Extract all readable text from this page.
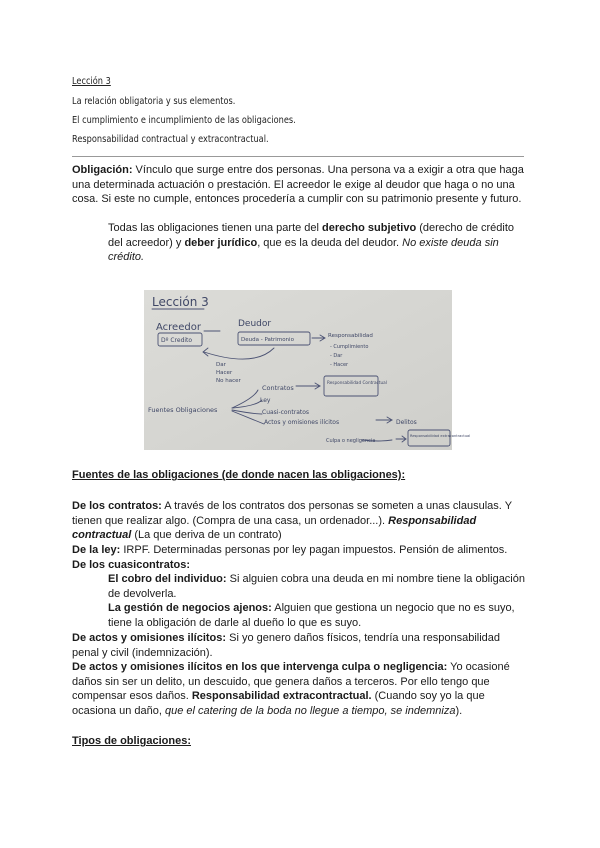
Lección 3
La relación obligatoria y sus elementos.
El cumplimiento e incumplimiento de las obligaciones.
Responsabilidad contractual y extracontractual.
Obligación: Vínculo que surge entre dos personas. Una persona va a exigir a otra que haga una determinada actuación o prestación. El acreedor le exige al deudor que haga o no una cosa. Si este no cumple, entonces procedería a cumplir con su patrimonio presente y futuro.
Todas las obligaciones tienen una parte del derecho subjetivo (derecho de crédito del acreedor) y deber jurídico, que es la deuda del deudor. No existe deuda sin crédito.
Lección 3
Acreedor	Deudor
Dº Credito	Deuda - Patrimonio
Responsabilidad
- Cumplimiento
- Dar
- Hacer
Dar
Hacer
No hacer
Fuentes Obligaciones
Contratos
Ley
Cuasi-contratos
Actos y omisiones ilícitos	Delitos
Culpa o negligencia
Responsabilidad Contractual
Responsabilidad extracontractual
Fuentes de las obligaciones (de donde nacen las obligaciones):
De los contratos: A través de los contratos dos personas se someten a unas clausulas. Y tienen que realizar algo. (Compra de una casa, un ordenador...). Responsabilidad contractual (La que deriva de un contrato)
De la ley: IRPF. Determinadas personas por ley pagan impuestos. Pensión de alimentos.
De los cuasicontratos:
El cobro del individuo: Si alguien cobra una deuda en mi nombre tiene la obligación de devolverla.
La gestión de negocios ajenos: Alguien que gestiona un negocio que no es suyo, tiene la obligación de darle al dueño lo que es suyo.
De actos y omisiones ilícitos: Si yo genero daños físicos, tendría una responsabilidad penal y civil (indemnización).
De actos y omisiones ilícitos en los que intervenga culpa o negligencia: Yo ocasioné daños sin ser un delito, un descuido, que genera daños a terceros. Por ello tengo que compensar esos daños. Responsabilidad extracontractual. (Cuando soy yo la que ocasiona un daño, que el catering de la boda no llegue a tiempo, se indemniza).
Tipos de obligaciones:
